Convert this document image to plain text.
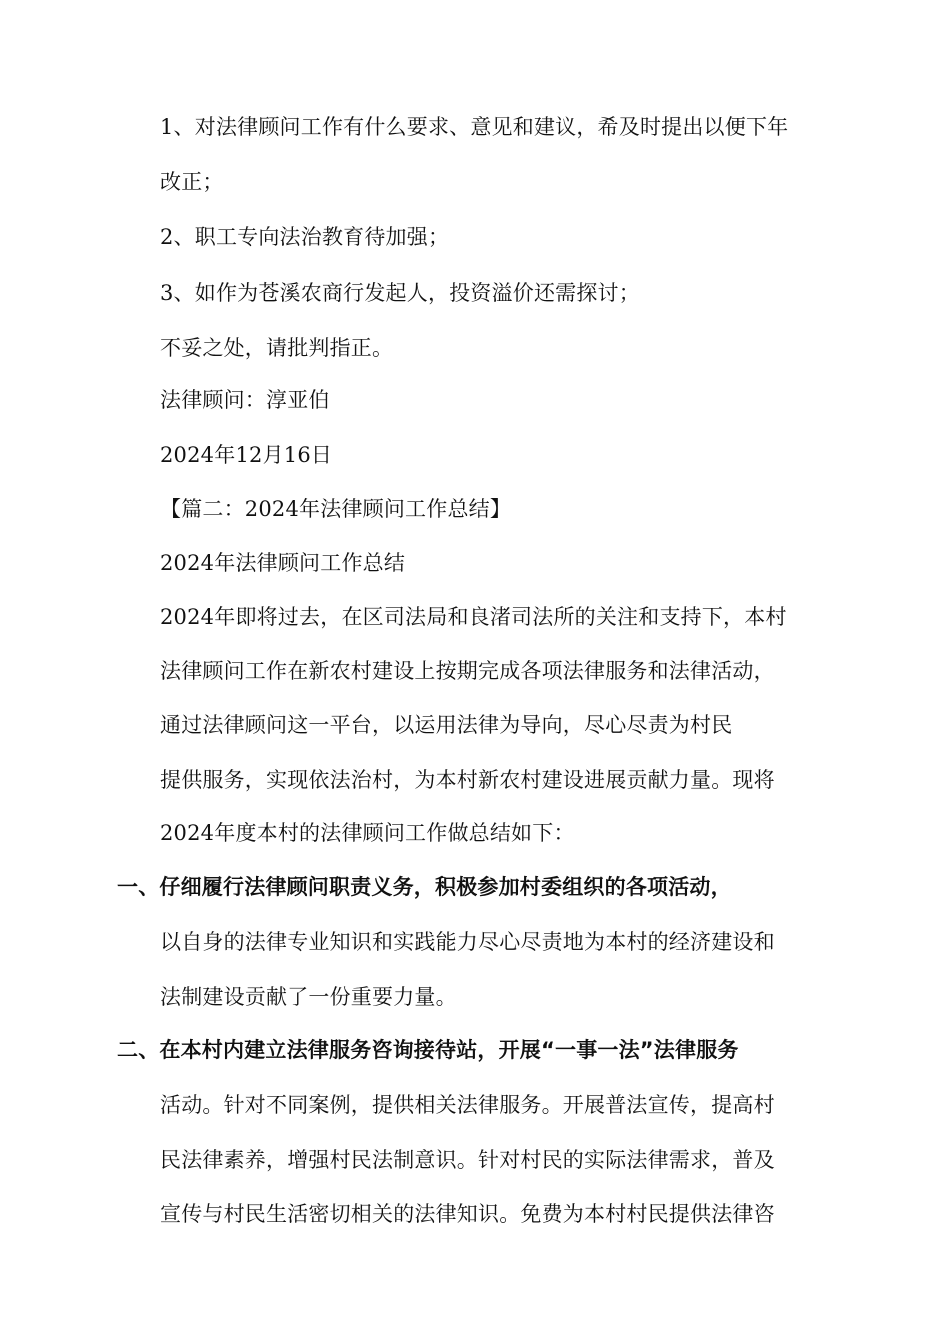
1、对法律顾问工作有什么要求、意见和建议，希及时提出以便下年
改正；
2、职工专向法治教育待加强；
3、如作为苍溪农商行发起人，投资溢价还需探讨；
不妥之处，请批判指正。
法律顾问：淳亚伯
2024年12月16日
【篇二：2024年法律顾问工作总结】
2024年法律顾问工作总结
2024年即将过去，在区司法局和良渚司法所的关注和支持下，本村
法律顾问工作在新农村建设上按期完成各项法律服务和法律活动，
通过法律顾问这一平台，以运用法律为导向，尽心尽责为村民
提供服务，实现依法治村，为本村新农村建设进展贡献力量。现将
2024年度本村的法律顾问工作做总结如下：
一、仔细履行法律顾问职责义务，积极参加村委组织的各项活动，
以自身的法律专业知识和实践能力尽心尽责地为本村的经济建设和
法制建设贡献了一份重要力量。
二、在本村内建立法律服务咨询接待站，开展“一事一法”法律服务
活动。针对不同案例，提供相关法律服务。开展普法宣传，提高村
民法律素养，增强村民法制意识。针对村民的实际法律需求，普及
宣传与村民生活密切相关的法律知识。免费为本村村民提供法律咨
